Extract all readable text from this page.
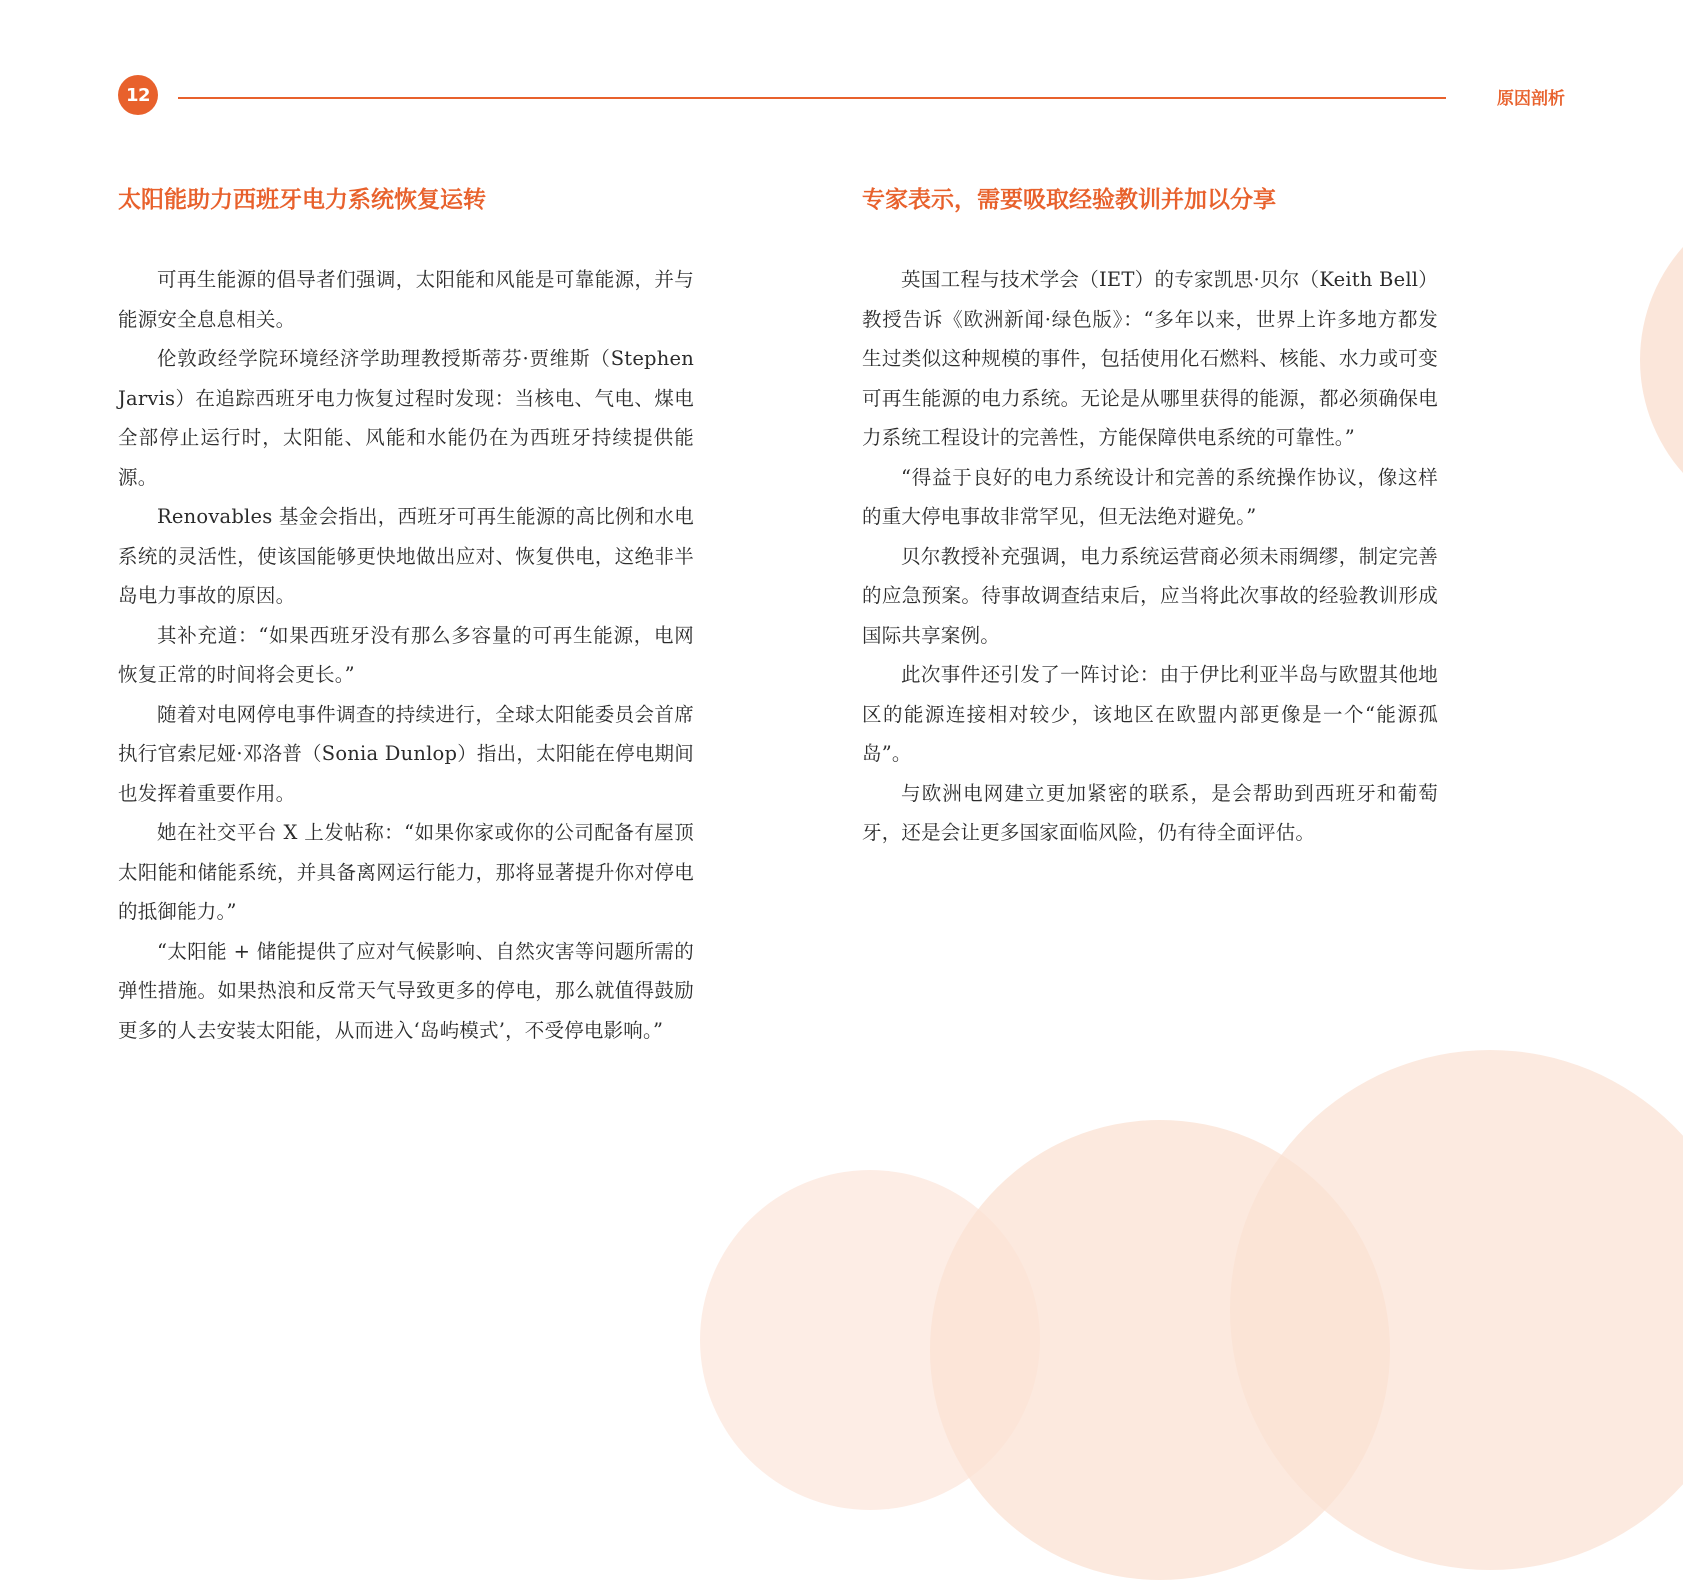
12	原因剖析
太阳能助力西班牙电力系统恢复运转

可再生能源的倡导者们强调，太阳能和风能是可靠能源，并与能源安全息息相关。

伦敦政经学院环境经济学助理教授斯蒂芬·贾维斯（Stephen Jarvis）在追踪西班牙电力恢复过程时发现：当核电、气电、煤电全部停止运行时，太阳能、风能和水能仍在为西班牙持续提供能源。

Renovables 基金会指出，西班牙可再生能源的高比例和水电系统的灵活性，使该国能够更快地做出应对、恢复供电，这绝非半岛电力事故的原因。

其补充道：“如果西班牙没有那么多容量的可再生能源，电网恢复正常的时间将会更长。”

随着对电网停电事件调查的持续进行，全球太阳能委员会首席执行官索尼娅·邓洛普（Sonia Dunlop）指出，太阳能在停电期间也发挥着重要作用。

她在社交平台 X 上发帖称：“如果你家或你的公司配备有屋顶太阳能和储能系统，并具备离网运行能力，那将显著提升你对停电的抵御能力。”

“太阳能 + 储能提供了应对气候影响、自然灾害等问题所需的弹性措施。如果热浪和反常天气导致更多的停电，那么就值得鼓励更多的人去安装太阳能，从而进入‘岛屿模式’，不受停电影响。”

专家表示，需要吸取经验教训并加以分享

英国工程与技术学会（IET）的专家凯思·贝尔（Keith Bell）教授告诉《欧洲新闻·绿色版》：“多年以来，世界上许多地方都发生过类似这种规模的事件，包括使用化石燃料、核能、水力或可变可再生能源的电力系统。无论是从哪里获得的能源，都必须确保电力系统工程设计的完善性，方能保障供电系统的可靠性。”

“得益于良好的电力系统设计和完善的系统操作协议，像这样的重大停电事故非常罕见，但无法绝对避免。”

贝尔教授补充强调，电力系统运营商必须未雨绸缪，制定完善的应急预案。待事故调查结束后，应当将此次事故的经验教训形成国际共享案例。

此次事件还引发了一阵讨论：由于伊比利亚半岛与欧盟其他地区的能源连接相对较少，该地区在欧盟内部更像是一个“能源孤岛”。

与欧洲电网建立更加紧密的联系，是会帮助到西班牙和葡萄牙，还是会让更多国家面临风险，仍有待全面评估。
